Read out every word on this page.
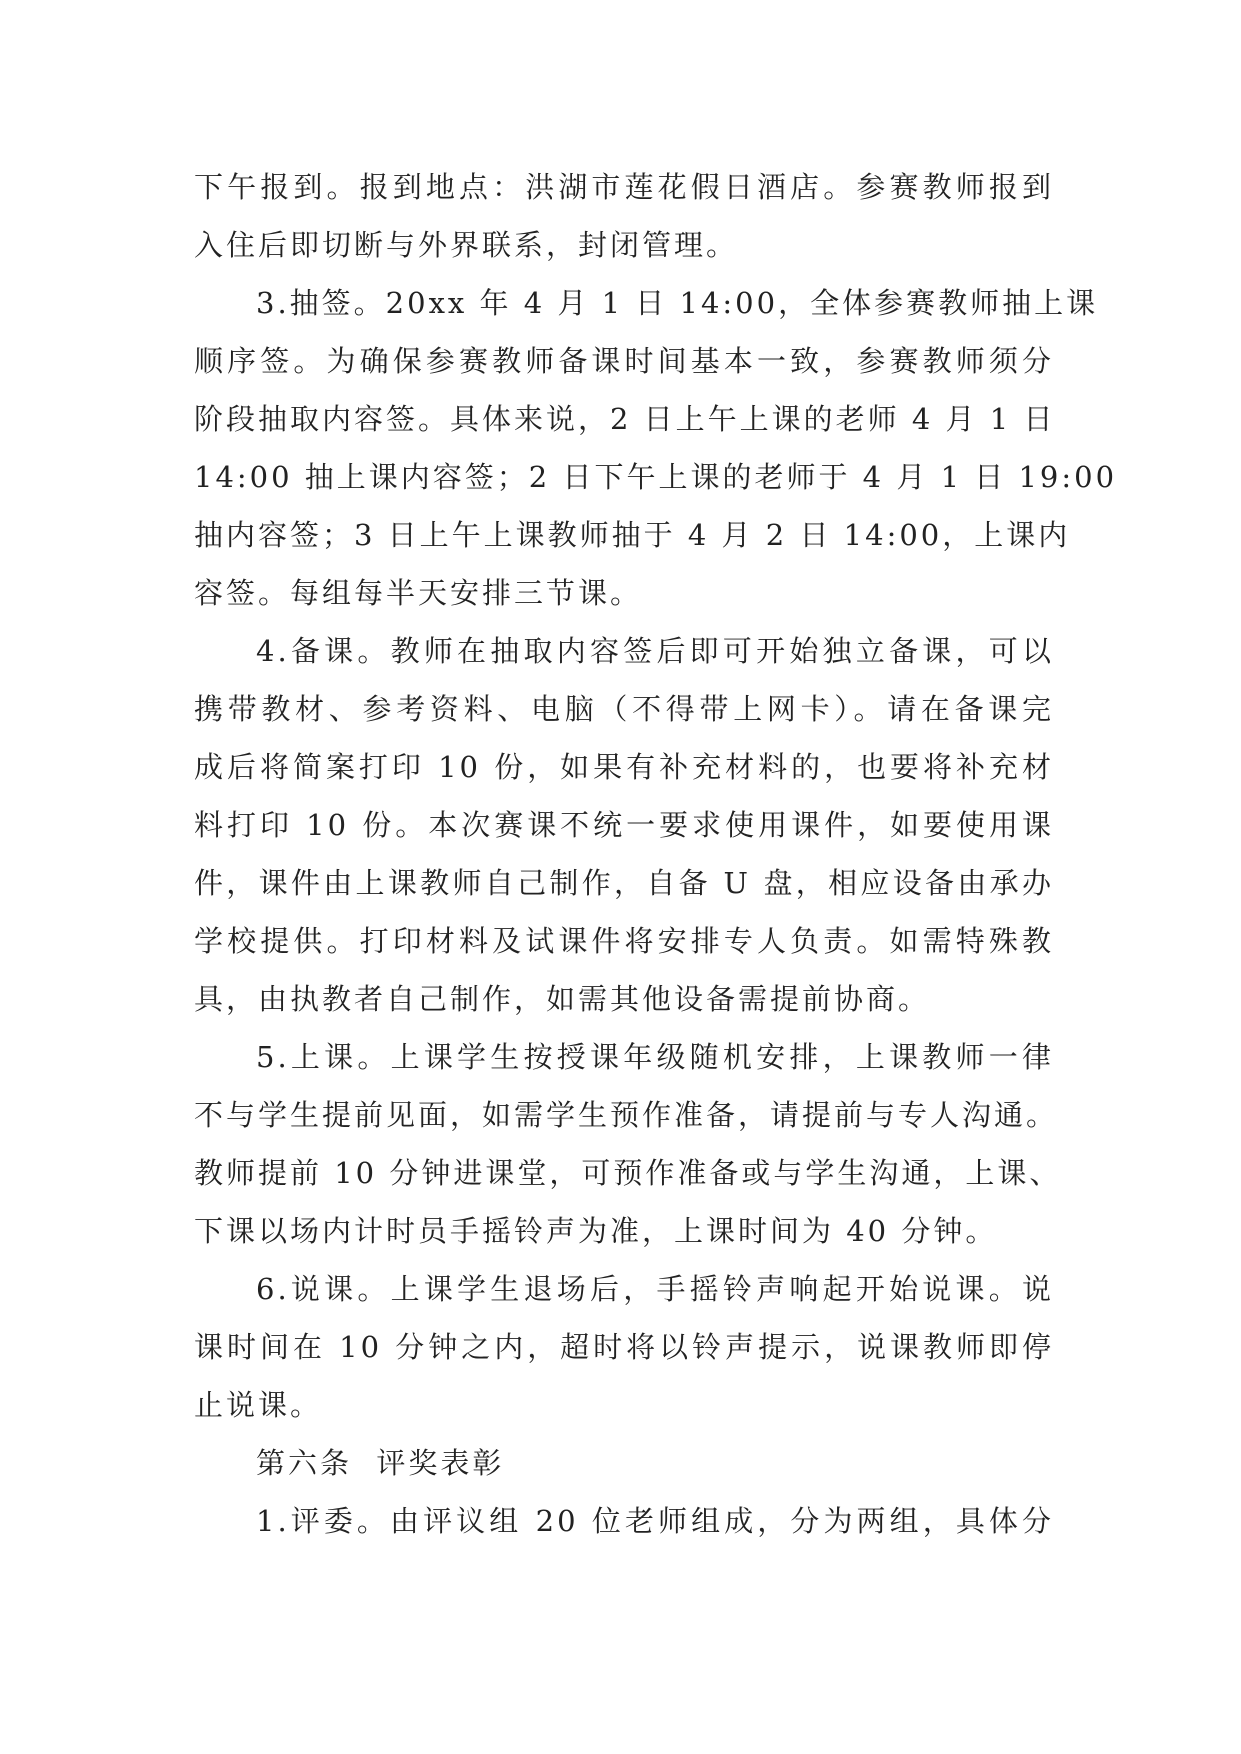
下午报到。报到地点：洪湖市莲花假日酒店。参赛教师报到
入住后即切断与外界联系，封闭管理。
3.抽签。20xx 年 4 月 1 日 14:00，全体参赛教师抽上课
顺序签。为确保参赛教师备课时间基本一致，参赛教师须分
阶段抽取内容签。具体来说，2 日上午上课的老师 4 月 1 日
14:00 抽上课内容签；2 日下午上课的老师于 4 月 1 日 19:00
抽内容签；3 日上午上课教师抽于 4 月 2 日 14:00，上课内
容签。每组每半天安排三节课。
4.备课。教师在抽取内容签后即可开始独立备课，可以
携带教材、参考资料、电脑（不得带上网卡）。请在备课完
成后将简案打印 10 份，如果有补充材料的，也要将补充材
料打印 10 份。本次赛课不统一要求使用课件，如要使用课
件，课件由上课教师自己制作，自备 U 盘，相应设备由承办
学校提供。打印材料及试课件将安排专人负责。如需特殊教
具，由执教者自己制作，如需其他设备需提前协商。
5.上课。上课学生按授课年级随机安排，上课教师一律
不与学生提前见面，如需学生预作准备，请提前与专人沟通。
教师提前 10 分钟进课堂，可预作准备或与学生沟通，上课、
下课以场内计时员手摇铃声为准，上课时间为 40 分钟。
6.说课。上课学生退场后，手摇铃声响起开始说课。说
课时间在 10 分钟之内，超时将以铃声提示，说课教师即停
止说课。
第六条  评奖表彰
1.评委。由评议组 20 位老师组成，分为两组，具体分
